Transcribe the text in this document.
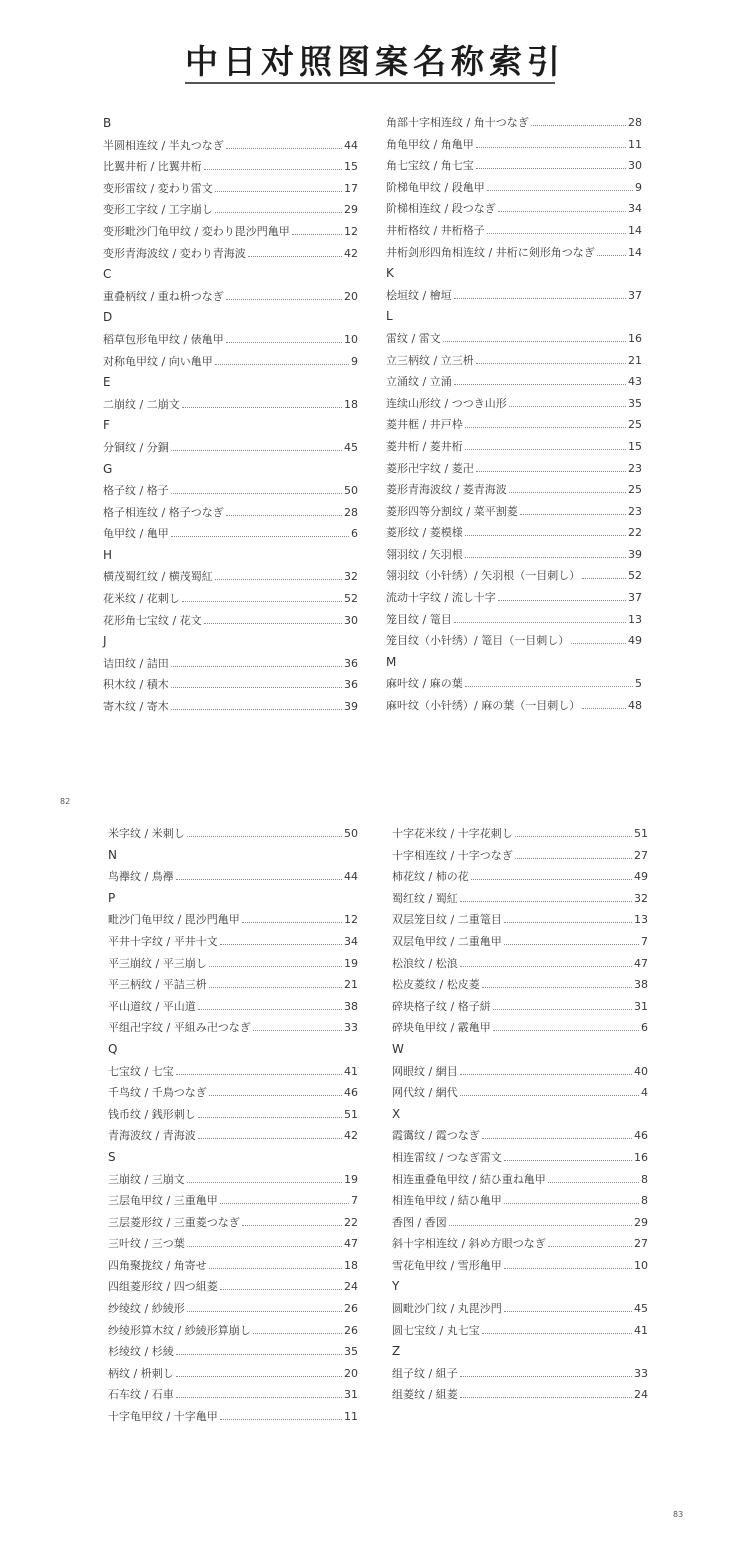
中日对照图案名称索引
B
半圆相连纹 / 半丸つなぎ	44
比翼井桁 / 比翼井桁	15
变形雷纹 / 変わり雷文	17
变形工字纹 / 工字崩し	29
变形毗沙门龟甲纹 / 変わり毘沙門亀甲	12
变形青海波纹 / 変わり青海波	42
C
重叠柄纹 / 重ね枡つなぎ	20
D
稻草包形龟甲纹 / 俵亀甲	10
对称龟甲纹 / 向い亀甲	9
E
二崩纹 / 二崩文	18
F
分铜纹 / 分銅	45
G
格子纹 / 格子	50
格子相连纹 / 格子つなぎ	28
龟甲纹 / 亀甲	6
H
横茂蜀红纹 / 横茂蜀紅	32
花米纹 / 花刺し	52
花形角七宝纹 / 花文	30
J
诘田纹 / 詰田	36
积木纹 / 積木	36
寄木纹 / 寄木	39
角部十字相连纹 / 角十つなぎ	28
角龟甲纹 / 角亀甲	11
角七宝纹 / 角七宝	30
阶梯龟甲纹 / 段亀甲	9
阶梯相连纹 / 段つなぎ	34
井桁格纹 / 井桁格子	14
井桁剑形四角相连纹 / 井桁に剣形角つなぎ	14
K
桧垣纹 / 檜垣	37
L
雷纹 / 雷文	16
立三柄纹 / 立三枡	21
立涌纹 / 立涌	43
连续山形纹 / つつき山形	35
菱井框 / 井戸枠	25
菱井桁 / 菱井桁	15
菱形卍字纹 / 菱卍	23
菱形青海波纹 / 菱青海波	25
菱形四等分割纹 / 菜平割菱	23
菱形纹 / 菱模様	22
翎羽纹 / 矢羽根	39
翎羽纹（小针绣）/ 矢羽根（一目刺し）	52
流动十字纹 / 流し十字	37
笼目纹 / 篭目	13
笼目纹（小针绣）/ 篭目（一目刺し）	49
M
麻叶纹 / 麻の葉	5
麻叶纹（小针绣）/ 麻の葉（一目刺し）	48
米字纹 / 米刺し	50
N
鸟襷纹 / 鳥襷	44
P
毗沙门龟甲纹 / 毘沙門亀甲	12
平井十字纹 / 平井十文	34
平三崩纹 / 平三崩し	19
平三柄纹 / 平詰三枡	21
平山道纹 / 平山道	38
平组卍字纹 / 平組み卍つなぎ	33
Q
七宝纹 / 七宝	41
千鸟纹 / 千鳥つなぎ	46
钱币纹 / 銭形刺し	51
青海波纹 / 青海波	42
S
三崩纹 / 三崩文	19
三层龟甲纹 / 三重亀甲	7
三层菱形纹 / 三重菱つなぎ	22
三叶纹 / 三つ葉	47
四角聚拢纹 / 角寄せ	18
四组菱形纹 / 四つ組菱	24
纱绫纹 / 紗綾形	26
纱绫形算木纹 / 紗綾形算崩し	26
杉绫纹 / 杉綾	35
柄纹 / 枡刺し	20
石车纹 / 石車	31
十字龟甲纹 / 十字亀甲	11
十字花米纹 / 十字花刺し	51
十字相连纹 / 十字つなぎ	27
柿花纹 / 柿の花	49
蜀红纹 / 蜀紅	32
双层笼目纹 / 二重篭目	13
双层龟甲纹 / 二重亀甲	7
松浪纹 / 松浪	47
松皮菱纹 / 松皮菱	38
碎块格子纹 / 格子絣	31
碎块龟甲纹 / 霰亀甲	6
W
网眼纹 / 網目	40
网代纹 / 網代	4
X
霞霭纹 / 霞つなぎ	46
相连雷纹 / つなぎ雷文	16
相连重叠龟甲纹 / 結ひ重ね亀甲	8
相连龟甲纹 / 結ひ亀甲	8
香图 / 香図	29
斜十字相连纹 / 斜め方眼つなぎ	27
雪花龟甲纹 / 雪形亀甲	10
Y
圆毗沙门纹 / 丸毘沙門	45
圆七宝纹 / 丸七宝	41
Z
组子纹 / 組子	33
组菱纹 / 組菱	24
82
83
